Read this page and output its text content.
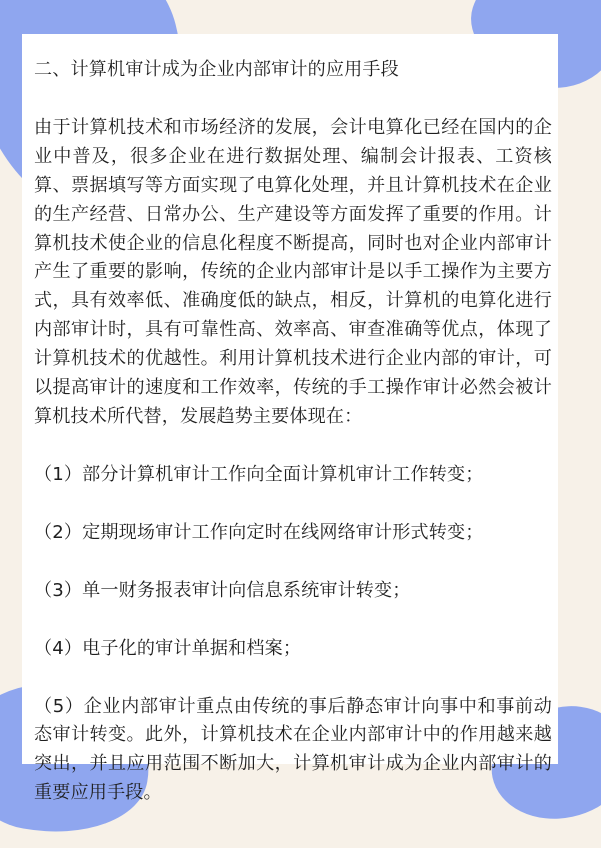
二、计算机审计成为企业内部审计的应用手段

由于计算机技术和市场经济的发展，会计电算化已经在国内的企业中普及，很多企业在进行数据处理、编制会计报表、工资核算、票据填写等方面实现了电算化处理，并且计算机技术在企业的生产经营、日常办公、生产建设等方面发挥了重要的作用。计算机技术使企业的信息化程度不断提高，同时也对企业内部审计产生了重要的影响，传统的企业内部审计是以手工操作为主要方式，具有效率低、准确度低的缺点，相反，计算机的电算化进行内部审计时，具有可靠性高、效率高、审查准确等优点，体现了计算机技术的优越性。利用计算机技术进行企业内部的审计，可以提高审计的速度和工作效率，传统的手工操作审计必然会被计算机技术所代替，发展趋势主要体现在：

（1）部分计算机审计工作向全面计算机审计工作转变；

（2）定期现场审计工作向定时在线网络审计形式转变；

（3）单一财务报表审计向信息系统审计转变；

（4）电子化的审计单据和档案；

（5）企业内部审计重点由传统的事后静态审计向事中和事前动态审计转变。此外，计算机技术在企业内部审计中的作用越来越突出，并且应用范围不断加大，计算机审计成为企业内部审计的重要应用手段。
